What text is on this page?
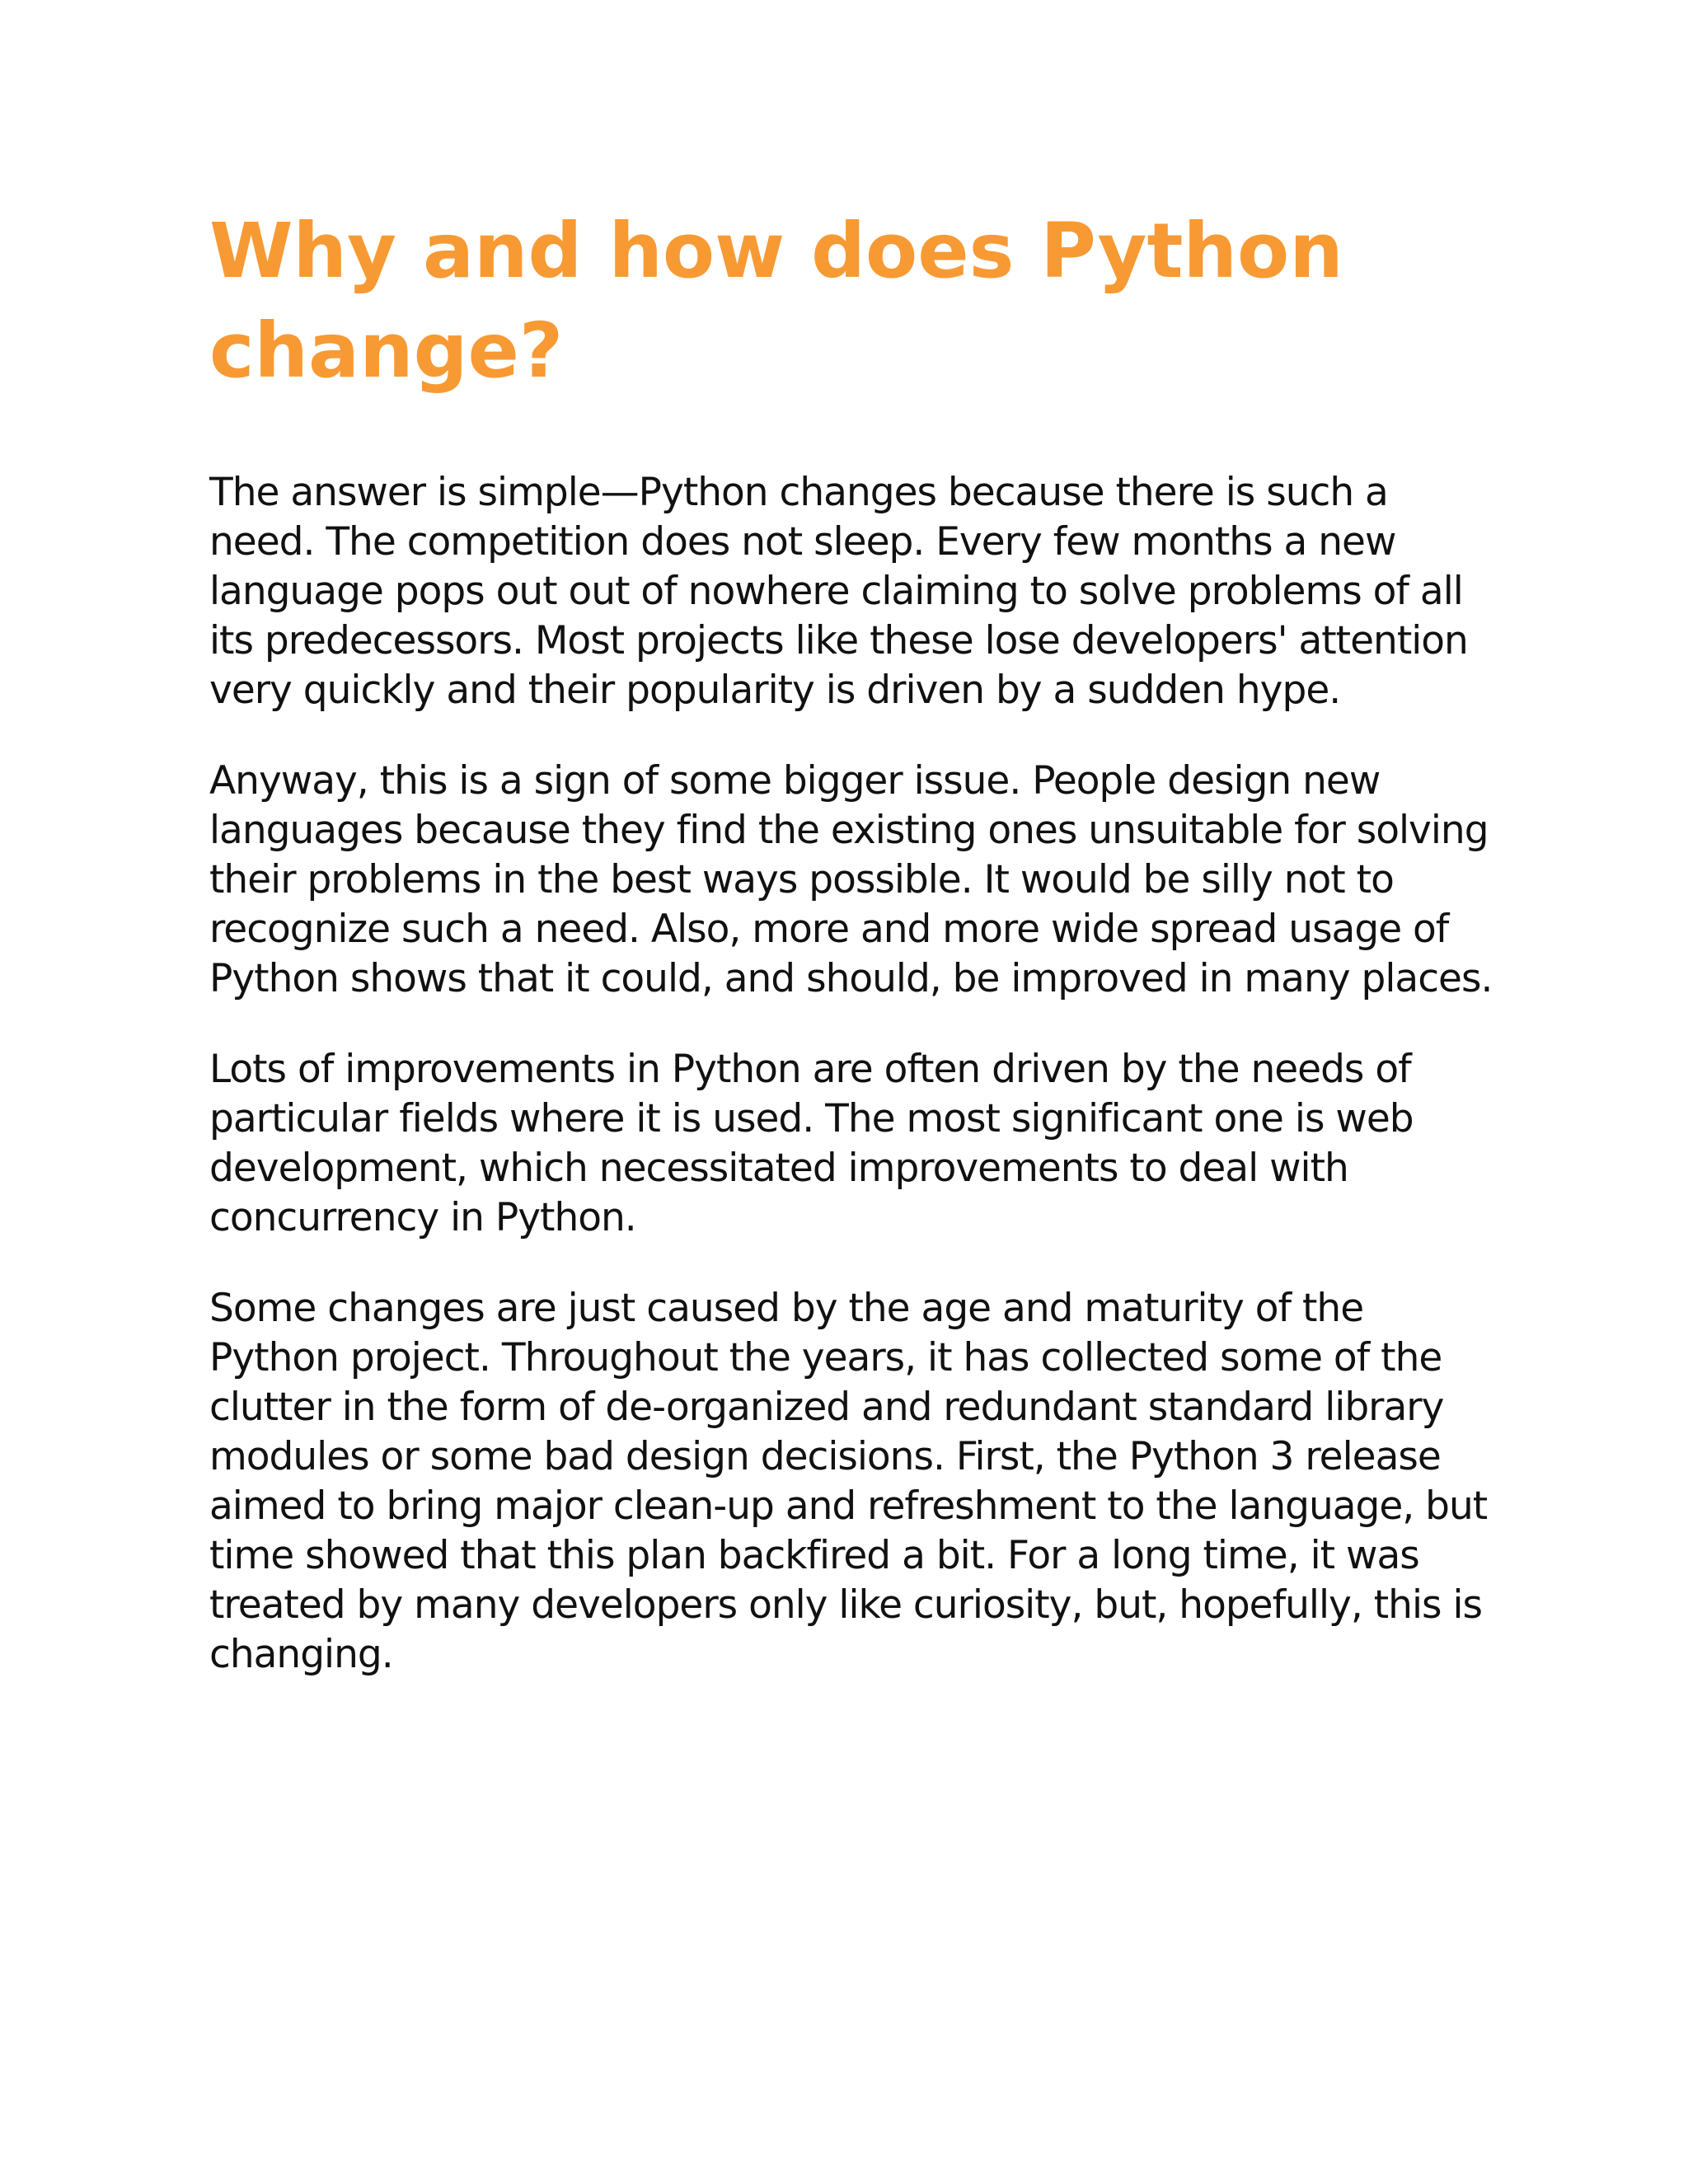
Why and how does Python change?

The answer is simple—Python changes because there is such a need. The competition does not sleep. Every few months a new language pops out out of nowhere claiming to solve problems of all its predecessors. Most projects like these lose developers' attention very quickly and their popularity is driven by a sudden hype.

Anyway, this is a sign of some bigger issue. People design new languages because they find the existing ones unsuitable for solving their problems in the best ways possible. It would be silly not to recognize such a need. Also, more and more wide spread usage of Python shows that it could, and should, be improved in many places.

Lots of improvements in Python are often driven by the needs of particular fields where it is used. The most significant one is web development, which necessitated improvements to deal with concurrency in Python.

Some changes are just caused by the age and maturity of the Python project. Throughout the years, it has collected some of the clutter in the form of de-organized and redundant standard library modules or some bad design decisions. First, the Python 3 release aimed to bring major clean-up and refreshment to the language, but time showed that this plan backfired a bit. For a long time, it was treated by many developers only like curiosity, but, hopefully, this is changing.
